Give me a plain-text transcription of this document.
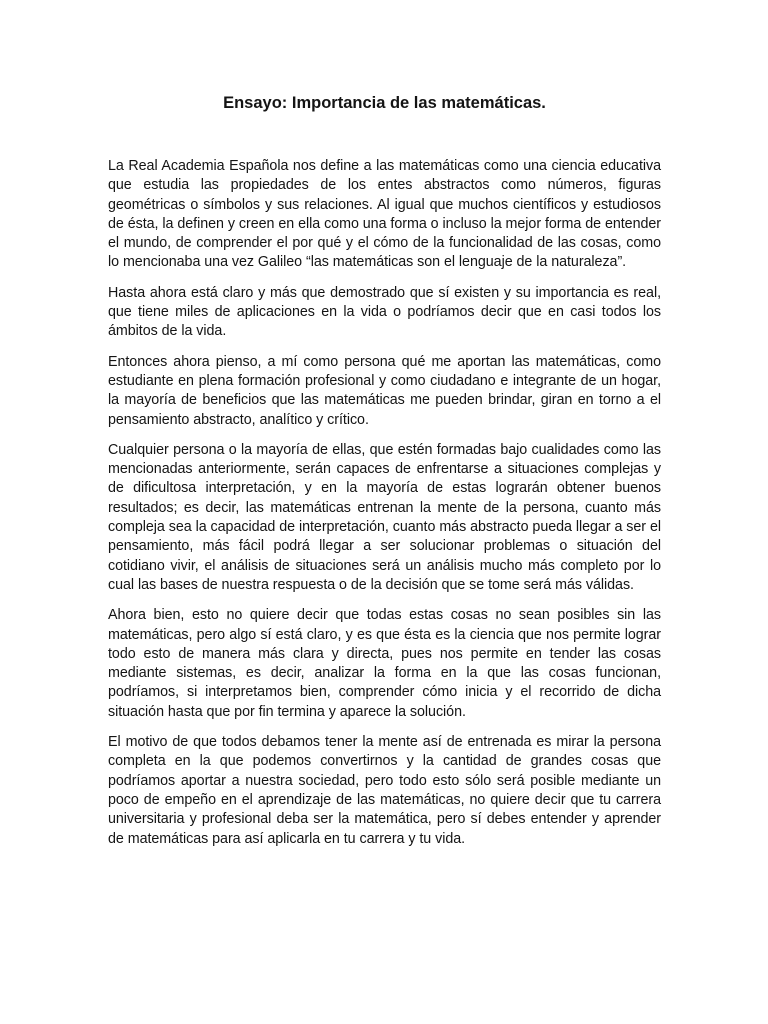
Ensayo: Importancia de las matemáticas.

La Real Academia Española nos define a las matemáticas como una ciencia educativa que estudia las propiedades de los entes abstractos como números, figuras geométricas o símbolos y sus relaciones. Al igual que muchos científicos y estudiosos de ésta, la definen y creen en ella como una forma o incluso la mejor forma de entender el mundo, de comprender el por qué y el cómo de la funcionalidad de las cosas, como lo mencionaba una vez Galileo “las matemáticas son el lenguaje de la naturaleza”.

Hasta ahora está claro y más que demostrado que sí existen y su importancia es real, que tiene miles de aplicaciones en la vida o podríamos decir que en casi todos los ámbitos de la vida.

Entonces ahora pienso, a mí como persona qué me aportan las matemáticas, como estudiante en plena formación profesional y como ciudadano e integrante de un hogar, la mayoría de beneficios que las matemáticas me pueden brindar, giran en torno a el pensamiento abstracto, analítico y crítico.

Cualquier persona o la mayoría de ellas, que estén formadas bajo cualidades como las mencionadas anteriormente, serán capaces de enfrentarse a situaciones complejas y de dificultosa interpretación, y en la mayoría de estas lograrán obtener buenos resultados; es decir, las matemáticas entrenan la mente de la persona, cuanto más compleja sea la capacidad de interpretación, cuanto más abstracto pueda llegar a ser el pensamiento, más fácil podrá llegar a ser solucionar problemas o situación del cotidiano vivir, el análisis de situaciones será un análisis mucho más completo por lo cual las bases de nuestra respuesta o de la decisión que se tome será más válidas.

Ahora bien, esto no quiere decir que todas estas cosas no sean posibles sin las matemáticas, pero algo sí está claro, y es que ésta es la ciencia que nos permite lograr todo esto de manera más clara y directa, pues nos permite en tender las cosas mediante sistemas, es decir, analizar la forma en la que las cosas funcionan, podríamos, si interpretamos bien, comprender cómo inicia y el recorrido de dicha situación hasta que por fin termina y aparece la solución.

El motivo de que todos debamos tener la mente así de entrenada es mirar la persona completa en la que podemos convertirnos y la cantidad de grandes cosas que podríamos aportar a nuestra sociedad, pero todo esto sólo será posible mediante un poco de empeño en el aprendizaje de las matemáticas, no quiere decir que tu carrera universitaria y profesional deba ser la matemática, pero sí debes entender y aprender de matemáticas para así aplicarla en tu carrera y tu vida.
